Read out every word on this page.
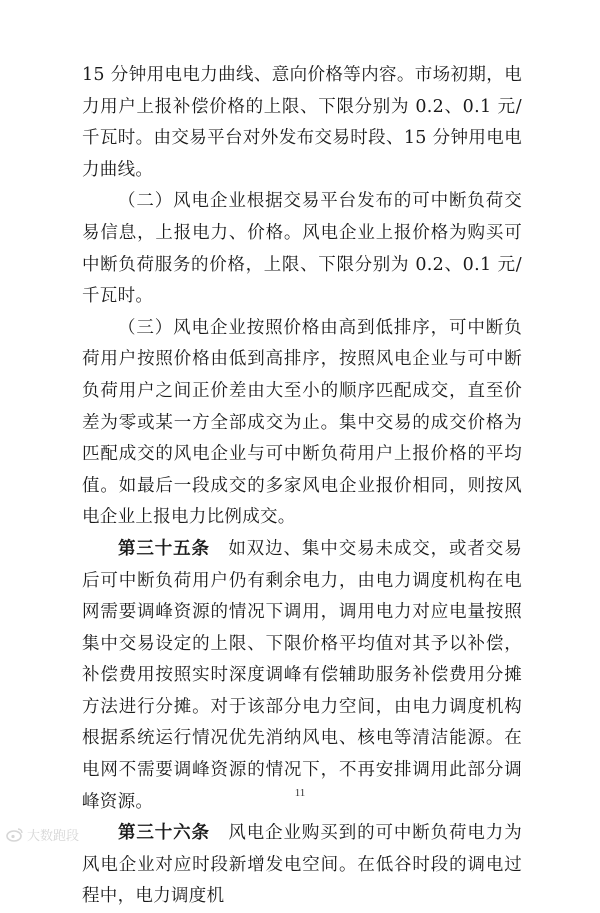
15 分钟用电电力曲线、意向价格等内容。市场初期，电力用户上报补偿价格的上限、下限分别为 0.2、0.1 元/千瓦时。由交易平台对外发布交易时段、15 分钟用电电力曲线。

（二）风电企业根据交易平台发布的可中断负荷交易信息，上报电力、价格。风电企业上报价格为购买可中断负荷服务的价格，上限、下限分别为 0.2、0.1 元/千瓦时。

（三）风电企业按照价格由高到低排序，可中断负荷用户按照价格由低到高排序，按照风电企业与可中断负荷用户之间正价差由大至小的顺序匹配成交，直至价差为零或某一方全部成交为止。集中交易的成交价格为匹配成交的风电企业与可中断负荷用户上报价格的平均值。如最后一段成交的多家风电企业报价相同，则按风电企业上报电力比例成交。

第三十五条  如双边、集中交易未成交，或者交易后可中断负荷用户仍有剩余电力，由电力调度机构在电网需要调峰资源的情况下调用，调用电力对应电量按照集中交易设定的上限、下限价格平均值对其予以补偿，补偿费用按照实时深度调峰有偿辅助服务补偿费用分摊方法进行分摊。对于该部分电力空间，由电力调度机构根据系统运行情况优先消纳风电、核电等清洁能源。在电网不需要调峰资源的情况下，不再安排调用此部分调峰资源。

第三十六条  风电企业购买到的可中断负荷电力为风电企业对应时段新增发电空间。在低谷时段的调电过程中，电力调度机

11
大数跑段
